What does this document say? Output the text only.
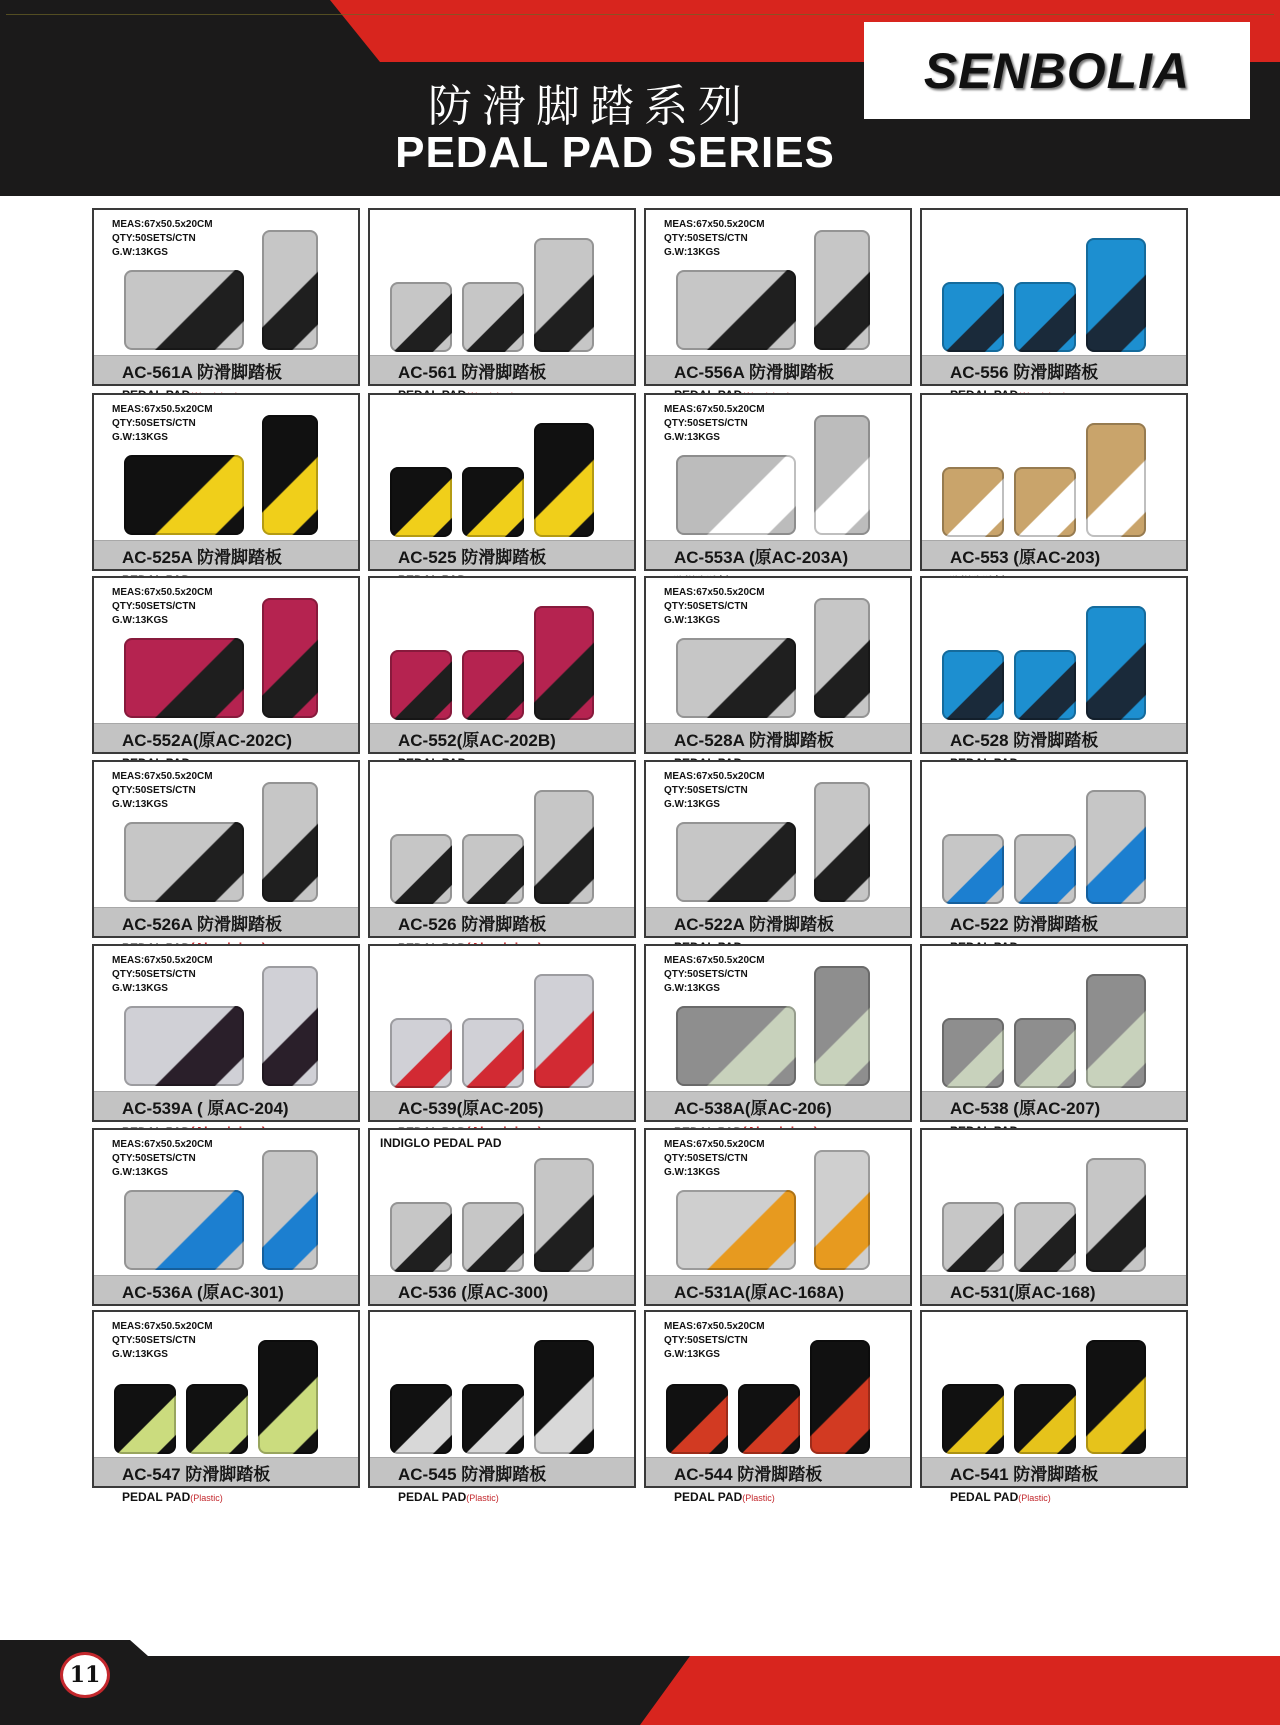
防滑脚踏系列
PEDAL PAD SERIES
SENBOLIA
MEAS:67x50.5x20CM
QTY:50SETS/CTN
G.W:13KGS
AC-561A 防滑脚踏板	AC-561 防滑脚踏板
MEAS:67x50.5x20CM
QTY:50SETS/CTN
G.W:13KGS
AC-556A 防滑脚踏板	AC-556 防滑脚踏板
MEAS:67x50.5x20CM
QTY:50SETS/CTN
G.W:13KGS
AC-525A 防滑脚踏板	AC-525 防滑脚踏板
MEAS:67x50.5x20CM
QTY:50SETS/CTN
G.W:13KGS
AC-553A (原AC-203A)	AC-553 (原AC-203)
MEAS:67x50.5x20CM
QTY:50SETS/CTN
G.W:13KGS
AC-552A(原AC-202C)	AC-552(原AC-202B)
MEAS:67x50.5x20CM
QTY:50SETS/CTN
G.W:13KGS
AC-528A 防滑脚踏板	AC-528 防滑脚踏板
MEAS:67x50.5x20CM
QTY:50SETS/CTN
G.W:13KGS
AC-526A 防滑脚踏板	AC-526 防滑脚踏板
MEAS:67x50.5x20CM
QTY:50SETS/CTN
G.W:13KGS
AC-522A 防滑脚踏板	AC-522 防滑脚踏板
MEAS:67x50.5x20CM
QTY:50SETS/CTN
G.W:13KGS
AC-539A ( 原AC-204)	AC-539(原AC-205)
MEAS:67x50.5x20CM
QTY:50SETS/CTN
G.W:13KGS
AC-538A(原AC-206)	AC-538 (原AC-207)
MEAS:67x50.5x20CM
QTY:50SETS/CTN
G.W:13KGS
AC-536A (原AC-301)
INDIGLO PEDAL PAD
AC-536 (原AC-300)
MEAS:67x50.5x20CM
QTY:50SETS/CTN
G.W:13KGS
AC-531A(原AC-168A)	AC-531(原AC-168)
MEAS:67x50.5x20CM
QTY:50SETS/CTN
G.W:13KGS
AC-547 防滑脚踏板
PEDAL PAD(Plastic)
AC-545 防滑脚踏板
PEDAL PAD(Plastic)
MEAS:67x50.5x20CM
QTY:50SETS/CTN
G.W:13KGS
AC-544 防滑脚踏板
PEDAL PAD(Plastic)
AC-541 防滑脚踏板
PEDAL PAD(Plastic)
11
